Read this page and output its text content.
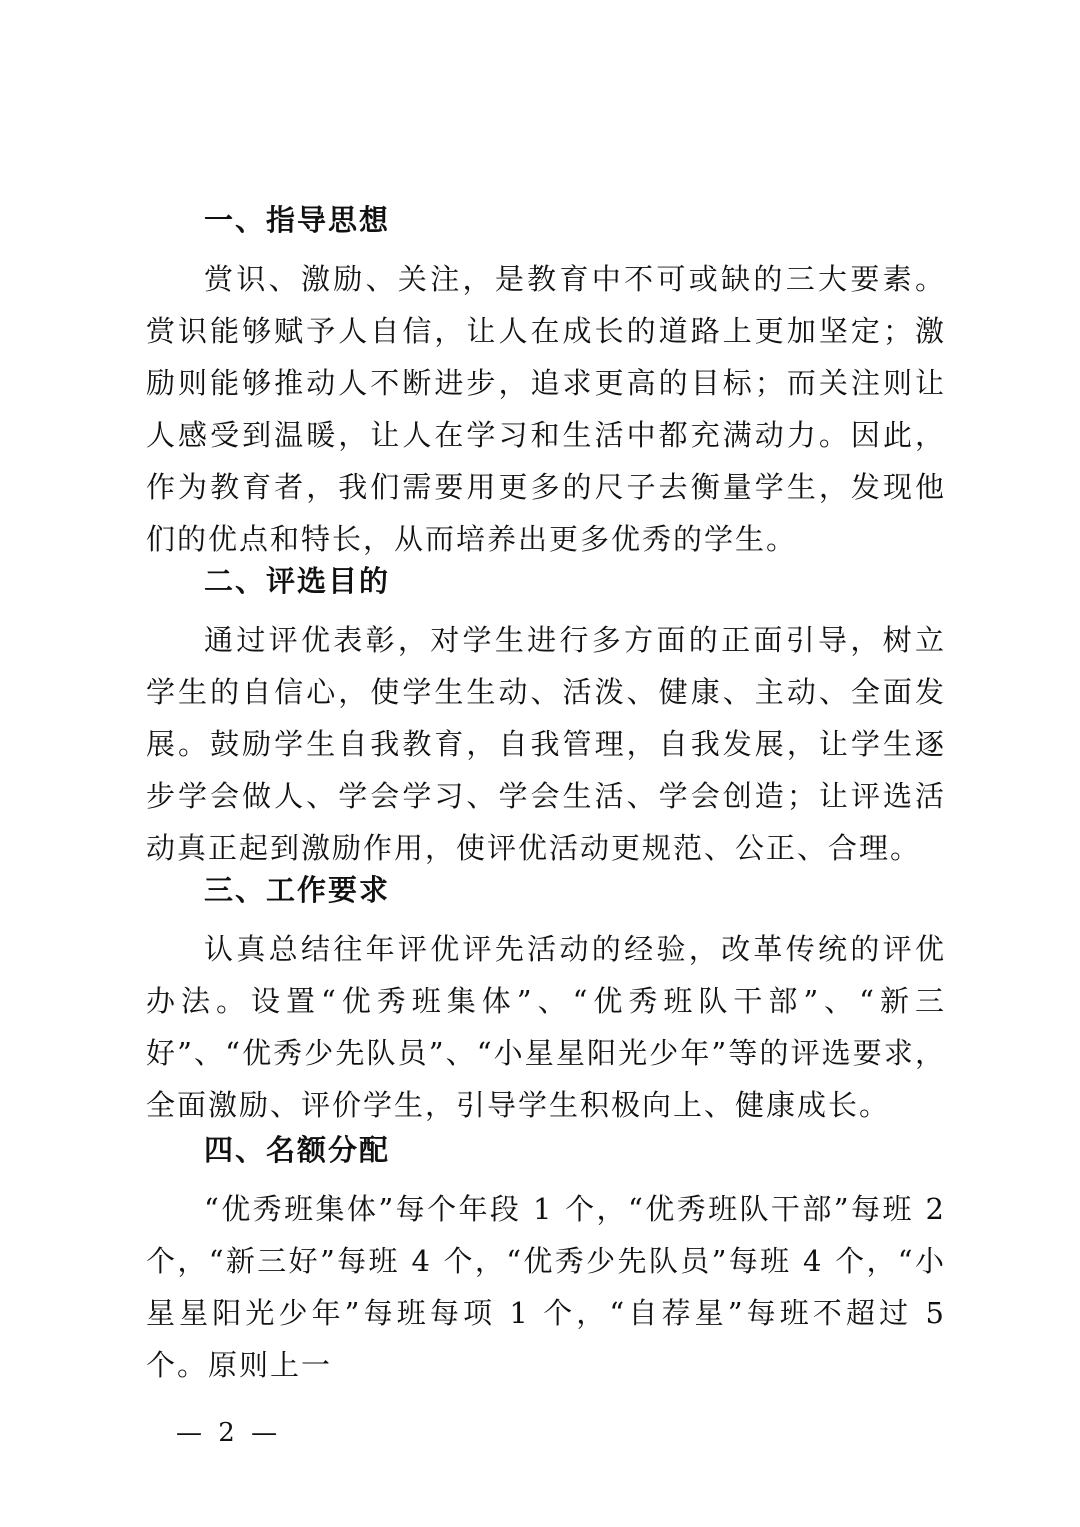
一、指导思想

赏识、激励、关注，是教育中不可或缺的三大要素。赏识能够赋予人自信，让人在成长的道路上更加坚定；激励则能够推动人不断进步，追求更高的目标；而关注则让人感受到温暖，让人在学习和生活中都充满动力。因此，作为教育者，我们需要用更多的尺子去衡量学生，发现他们的优点和特长，从而培养出更多优秀的学生。

二、评选目的

通过评优表彰，对学生进行多方面的正面引导，树立学生的自信心，使学生生动、活泼、健康、主动、全面发展。鼓励学生自我教育，自我管理，自我发展，让学生逐步学会做人、学会学习、学会生活、学会创造；让评选活动真正起到激励作用，使评优活动更规范、公正、合理。

三、工作要求

认真总结往年评优评先活动的经验，改革传统的评优办法。设置“优秀班集体”、“优秀班队干部”、“新三好”、“优秀少先队员”、“小星星阳光少年”等的评选要求，全面激励、评价学生，引导学生积极向上、健康成长。

四、名额分配

“优秀班集体”每个年段 1 个，“优秀班队干部”每班 2 个，“新三好”每班 4 个，“优秀少先队员”每班 4 个，“小星星阳光少年”每班每项 1 个，“自荐星”每班不超过 5 个。原则上一

— 2 —
